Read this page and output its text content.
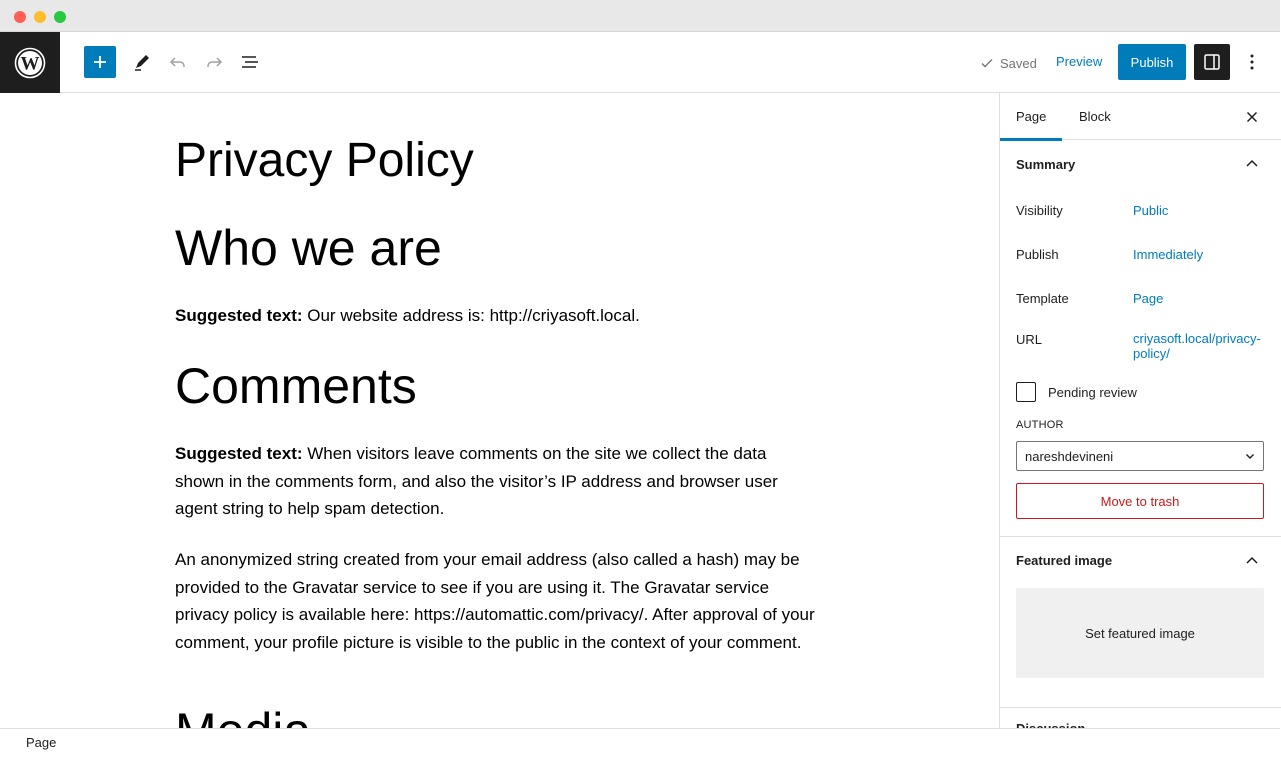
W	Saved Preview	Publish
Privacy Policy
Who we are

Suggested text: Our website address is: http://criyasoft.local.

Comments

Suggested text: When visitors leave comments on the site we collect the data shown in the comments form, and also the visitor’s IP address and browser user agent string to help spam detection.

An anonymized string created from your email address (also called a hash) may be provided to the Gravatar service to see if you are using it. The Gravatar service privacy policy is available here: https://automattic.com/privacy/. After approval of your comment, your profile picture is visible to the public in the context of your comment.

Page	Block
Summary
Visibility	Public
Publish	Immediately
Template	Page
URL	criyasoft.local/privacy-policy/
Pending review
AUTHOR
nareshdevineni
Move to trash
Featured image
Set featured image
Page
